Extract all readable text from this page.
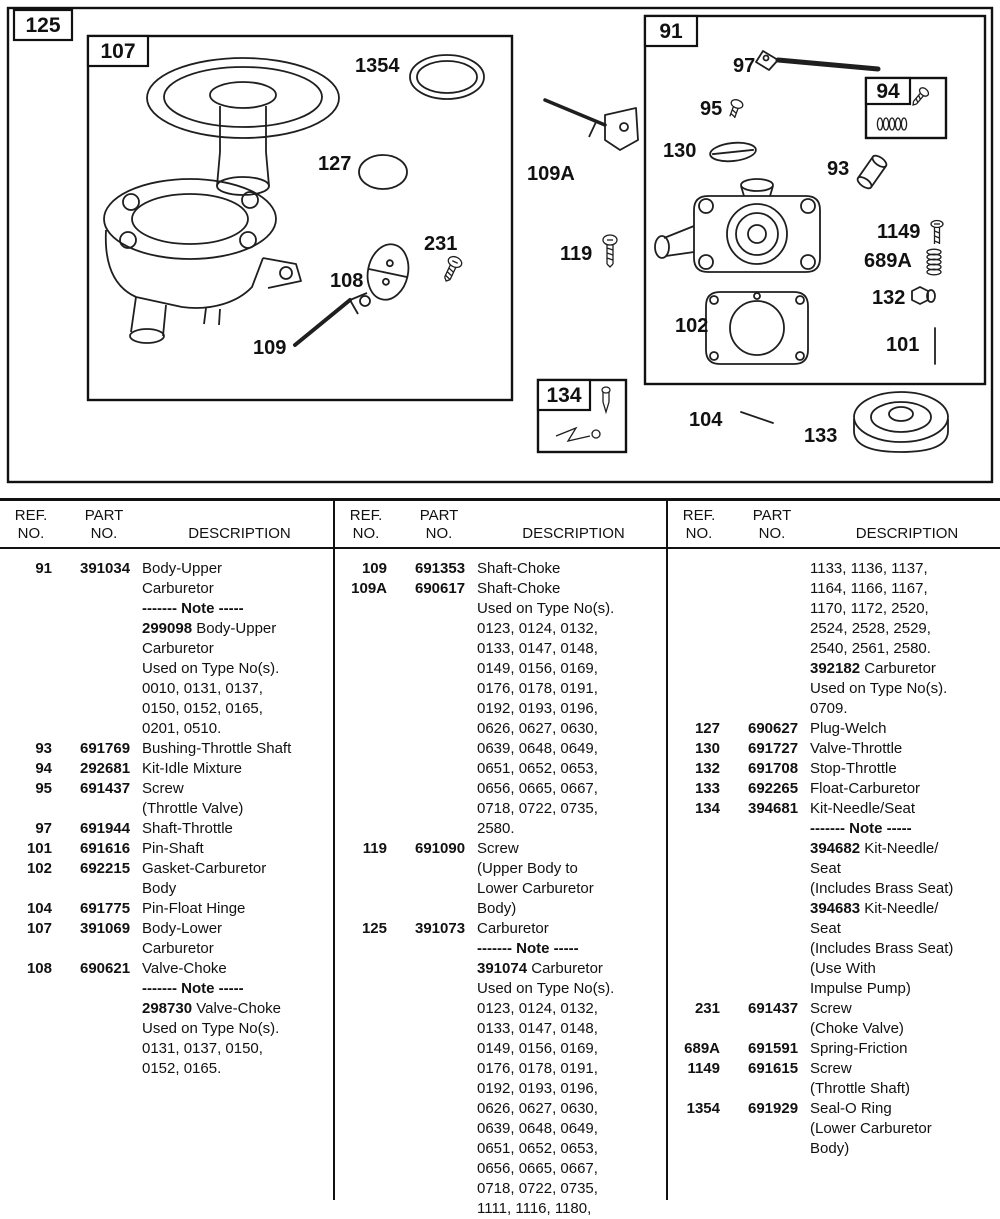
125
107
91
134
94
1354
127
231
108
109
109A
119
97
95
130
93
1149
689A
132
101
102
104
133
REF.
NO.
PART
NO.	DESCRIPTION
91	391034 Body-Upper
Carburetor
------- Note -----
299098 Body-Upper
Carburetor
Used on Type No(s).
0010, 0131, 0137,
0150, 0152, 0165,
0201, 0510.
93	691769 Bushing-Throttle Shaft
94	292681 Kit-Idle Mixture
95	691437 Screw
(Throttle Valve)
97	691944 Shaft-Throttle
101	691616 Pin-Shaft
102	692215 Gasket-Carburetor
Body
104	691775 Pin-Float Hinge
107	391069 Body-Lower
Carburetor
108	690621 Valve-Choke
------- Note -----
298730 Valve-Choke
Used on Type No(s).
0131, 0137, 0150,
0152, 0165.
REF.
NO.
PART
NO.	DESCRIPTION
109	691353 Shaft-Choke
109A	690617 Shaft-Choke
Used on Type No(s).
0123, 0124, 0132,
0133, 0147, 0148,
0149, 0156, 0169,
0176, 0178, 0191,
0192, 0193, 0196,
0626, 0627, 0630,
0639, 0648, 0649,
0651, 0652, 0653,
0656, 0665, 0667,
0718, 0722, 0735,
2580.
119	691090 Screw
(Upper Body to
Lower Carburetor
Body)
125	391073 Carburetor
------- Note -----
391074 Carburetor
Used on Type No(s).
0123, 0124, 0132,
0133, 0147, 0148,
0149, 0156, 0169,
0176, 0178, 0191,
0192, 0193, 0196,
0626, 0627, 0630,
0639, 0648, 0649,
0651, 0652, 0653,
0656, 0665, 0667,
0718, 0722, 0735,
1111, 1116, 1180,
REF.
NO.
PART
NO.	DESCRIPTION
1133, 1136, 1137,
1164, 1166, 1167,
1170, 1172, 2520,
2524, 2528, 2529,
2540, 2561, 2580.
392182 Carburetor
Used on Type No(s).
0709.
127	690627 Plug-Welch
130	691727 Valve-Throttle
132	691708 Stop-Throttle
133	692265 Float-Carburetor
134	394681 Kit-Needle/Seat
------- Note -----
394682 Kit-Needle/
Seat
(Includes Brass Seat)
394683 Kit-Needle/
Seat
(Includes Brass Seat)
(Use With
Impulse Pump)
231	691437 Screw
(Choke Valve)
689A	691591 Spring-Friction
1149	691615 Screw
(Throttle Shaft)
1354	691929 Seal-O Ring
(Lower Carburetor
Body)
